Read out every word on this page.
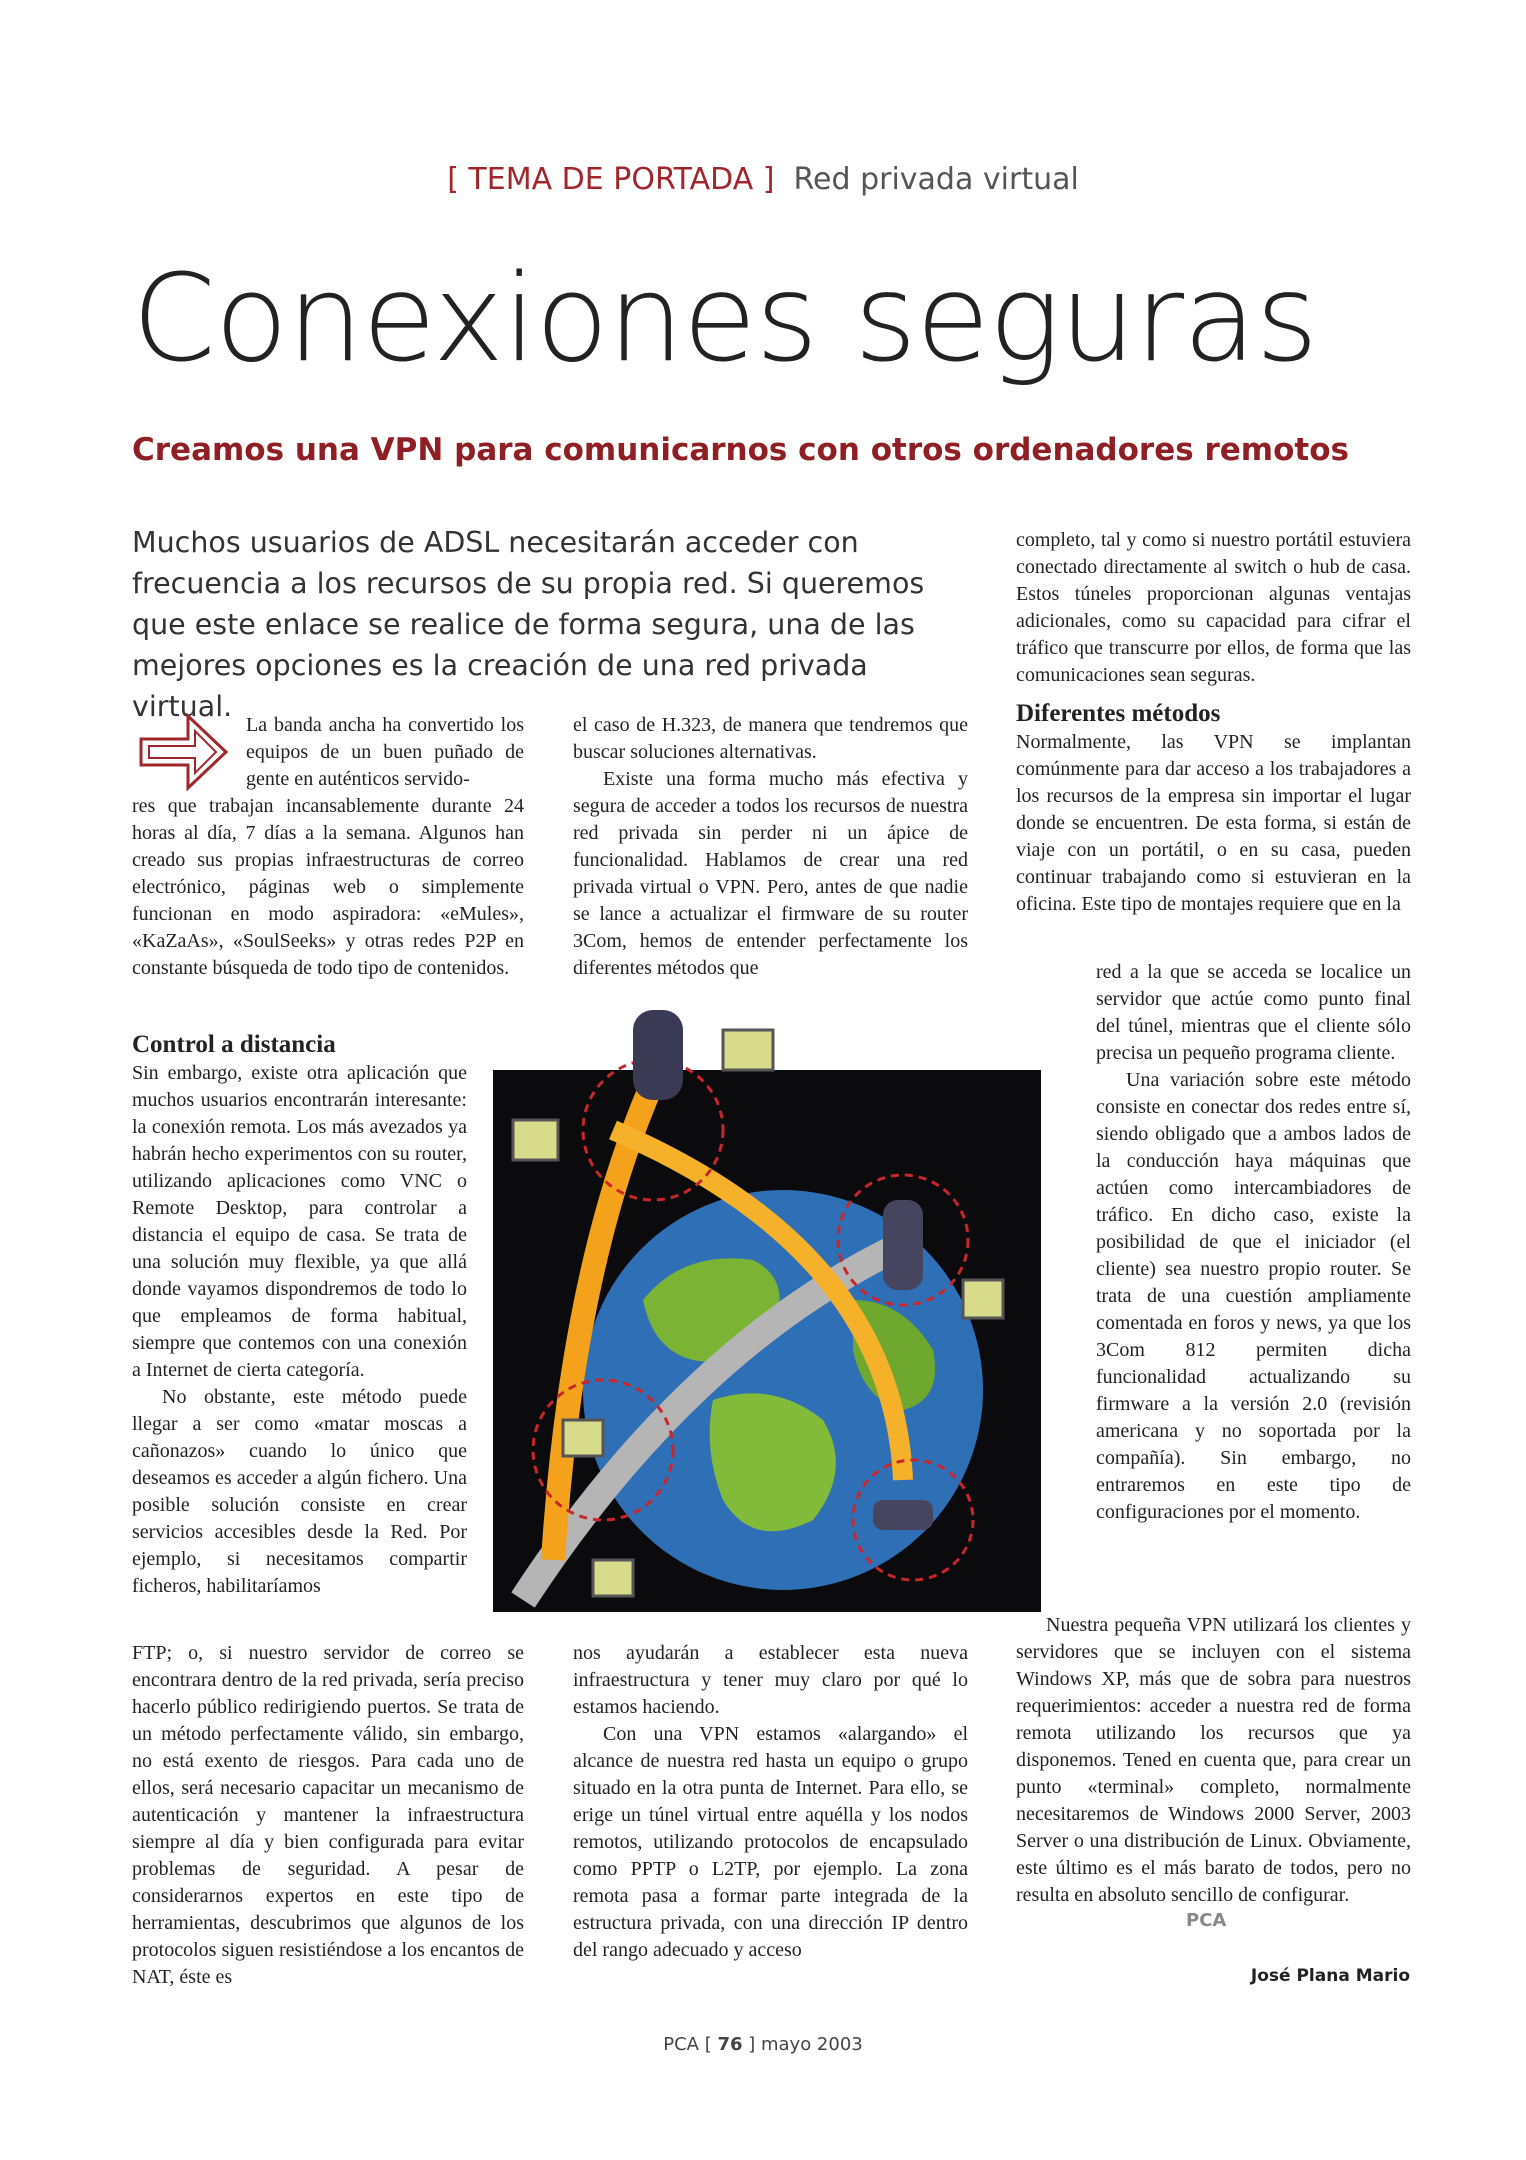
[ TEMA DE PORTADA ] Red privada virtual
Conexiones seguras
Creamos una VPN para comunicarnos con otros ordenadores remotos
Muchos usuarios de ADSL necesitarán acceder con frecuencia a los recursos de su propia red. Si queremos que este enlace se realice de forma segura, una de las mejores opciones es la creación de una red privada virtual.

La banda ancha ha convertido los equipos de un buen puñado de gente en auténticos servido-

res que trabajan incansablemente durante 24 horas al día, 7 días a la semana. Algunos han creado sus propias infraestructuras de correo electrónico, páginas web o simplemente funcionan en modo aspiradora: «eMules», «KaZaAs», «SoulSeeks» y otras redes P2P en constante búsqueda de todo tipo de contenidos.

Control a distancia

Sin embargo, existe otra aplicación que muchos usuarios encontrarán interesante: la conexión remota. Los más avezados ya habrán hecho experimentos con su router, utilizando aplicaciones como VNC o Remote Desktop, para controlar a distancia el equipo de casa. Se trata de una solución muy flexible, ya que allá donde vayamos dispondremos de todo lo que empleamos de forma habitual, siempre que contemos con una conexión a Internet de cierta categoría.

No obstante, este método puede llegar a ser como «matar moscas a cañonazos» cuando lo único que deseamos es acceder a algún fichero. Una posible solución consiste en crear servicios accesibles desde la Red. Por ejemplo, si necesitamos compartir ficheros, habilitaríamos

FTP; o, si nuestro servidor de correo se encontrara dentro de la red privada, sería preciso hacerlo público redirigiendo puertos. Se trata de un método perfectamente válido, sin embargo, no está exento de riesgos. Para cada uno de ellos, será necesario capacitar un mecanismo de autenticación y mantener la infraestructura siempre al día y bien configurada para evitar problemas de seguridad. A pesar de considerarnos expertos en este tipo de herramientas, descubrimos que algunos de los protocolos siguen resistiéndose a los encantos de NAT, éste es

el caso de H.323, de manera que tendremos que buscar soluciones alternativas.

Existe una forma mucho más efectiva y segura de acceder a todos los recursos de nuestra red privada sin perder ni un ápice de funcionalidad. Hablamos de crear una red privada virtual o VPN. Pero, antes de que nadie se lance a actualizar el firmware de su router 3Com, hemos de entender perfectamente los diferentes métodos que

nos ayudarán a establecer esta nueva infraestructura y tener muy claro por qué lo estamos haciendo.

Con una VPN estamos «alargando» el alcance de nuestra red hasta un equipo o grupo situado en la otra punta de Internet. Para ello, se erige un túnel virtual entre aquélla y los nodos remotos, utilizando protocolos de encapsulado como PPTP o L2TP, por ejemplo. La zona remota pasa a formar parte integrada de la estructura privada, con una dirección IP dentro del rango adecuado y acceso

completo, tal y como si nuestro portátil estuviera conectado directamente al switch o hub de casa. Estos túneles proporcionan algunas ventajas adicionales, como su capacidad para cifrar el tráfico que transcurre por ellos, de forma que las comunicaciones sean seguras.

Diferentes métodos

Normalmente, las VPN se implantan comúnmente para dar acceso a los trabajadores a los recursos de la empresa sin importar el lugar donde se encuentren. De esta forma, si están de viaje con un portátil, o en su casa, pueden continuar trabajando como si estuvieran en la oficina. Este tipo de montajes requiere que en la

red a la que se acceda se localice un servidor que actúe como punto final del túnel, mientras que el cliente sólo precisa un pequeño programa cliente.

Una variación sobre este método consiste en conectar dos redes entre sí, siendo obligado que a ambos lados de la conducción haya máquinas que actúen como intercambiadores de tráfico. En dicho caso, existe la posibilidad de que el iniciador (el cliente) sea nuestro propio router. Se trata de una cuestión ampliamente comentada en foros y news, ya que los 3Com 812 permiten dicha funcionalidad actualizando su firmware a la versión 2.0 (revisión americana y no soportada por la compañía). Sin embargo, no entraremos en este tipo de configuraciones por el momento.

Nuestra pequeña VPN utilizará los clientes y servidores que se incluyen con el sistema Windows XP, más que de sobra para nuestros requerimientos: acceder a nuestra red de forma remota utilizando los recursos que ya disponemos. Tened en cuenta que, para crear un punto «terminal» completo, normalmente necesitaremos de Windows 2000 Server, 2003 Server o una distribución de Linux. Obviamente, este último es el más barato de todos, pero no resulta en absoluto sencillo de configurar.

PCA

José Plana Mario
PCA [ 76 ] mayo 2003
